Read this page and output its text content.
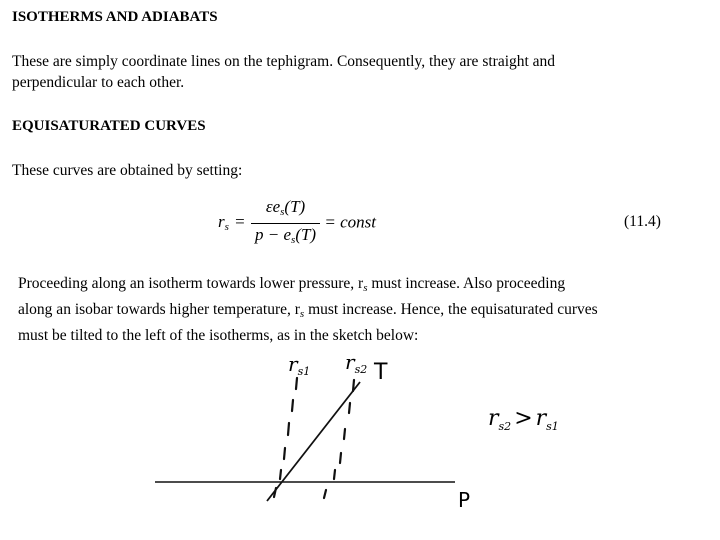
ISOTHERMS AND ADIABATS
These are simply coordinate lines on the tephigram. Consequently, they are straight and
perpendicular to each other.
EQUISATURATED CURVES
These curves are obtained by setting:
$r_s = \frac{\varepsilon e_s(T)}{p - e_s(T)}$ = const	(11.4)
Proceeding along an isotherm towards lower pressure, $r_s$ must increase. Also proceeding
along an isobar towards higher temperature, $r_s$ must increase. Hence, the equisaturated curves
must be tilted to the left of the isotherms, as in the sketch below:
$r_{s1}$ $r_{s2}$ T
P
$r_{s2} > r_{s1}$
